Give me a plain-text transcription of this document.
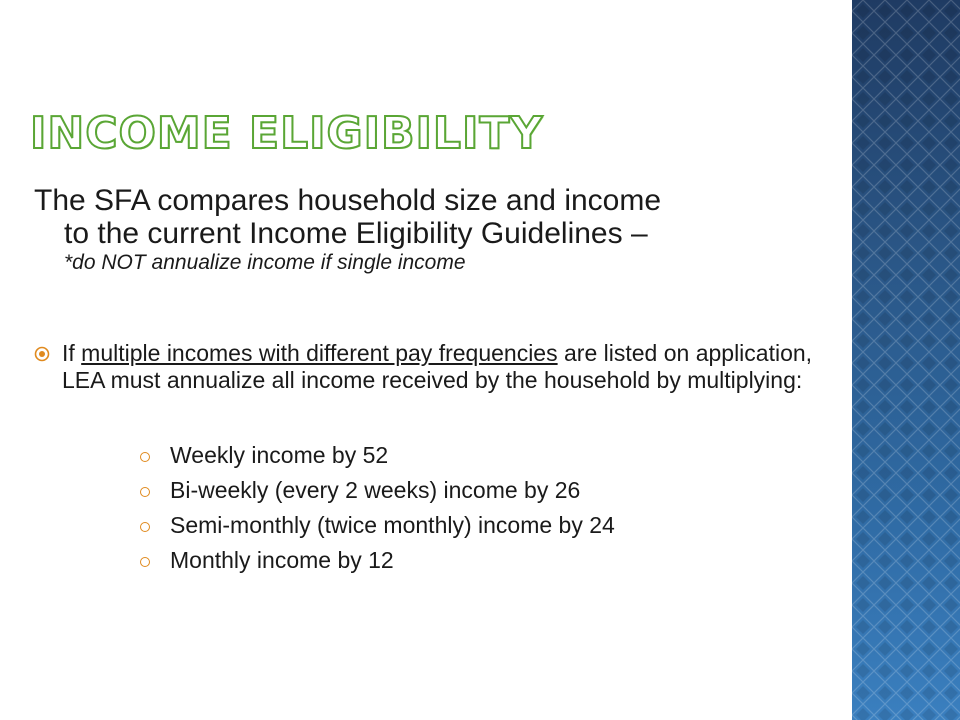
INCOME ELIGIBILITY
The SFA compares household size and income
to the current Income Eligibility Guidelines –
*do NOT annualize income if single income
If multiple incomes with different pay frequencies are listed on application, LEA must annualize all income received by the household by multiplying:
Weekly income by 52
Bi-weekly (every 2 weeks) income by 26
Semi-monthly (twice monthly) income by 24
Monthly income by 12
